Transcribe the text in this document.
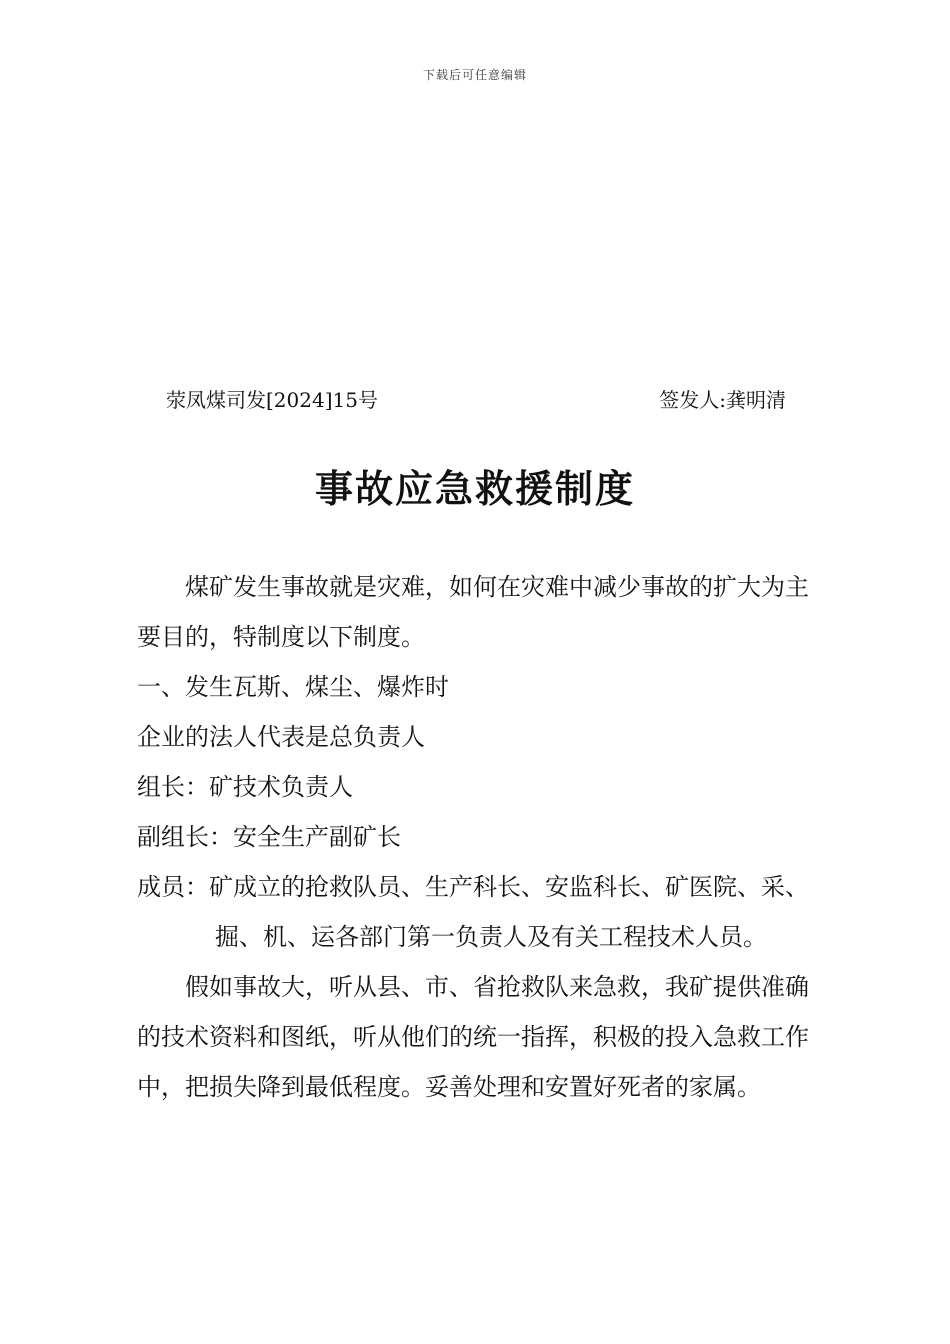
下载后可任意编辑
荥凤煤司发[2024]15号	签发人:龚明清
事故应急救援制度

煤矿发生事故就是灾难，如何在灾难中减少事故的扩大为主要目的，特制度以下制度。

一、发生瓦斯、煤尘、爆炸时

企业的法人代表是总负责人

组长：矿技术负责人

副组长：安全生产副矿长

成员：矿成立的抢救队员、生产科长、安监科长、矿医院、采、掘、机、运各部门第一负责人及有关工程技术人员。

假如事故大，听从县、市、省抢救队来急救，我矿提供准确的技术资料和图纸，听从他们的统一指挥，积极的投入急救工作中，把损失降到最低程度。妥善处理和安置好死者的家属。
